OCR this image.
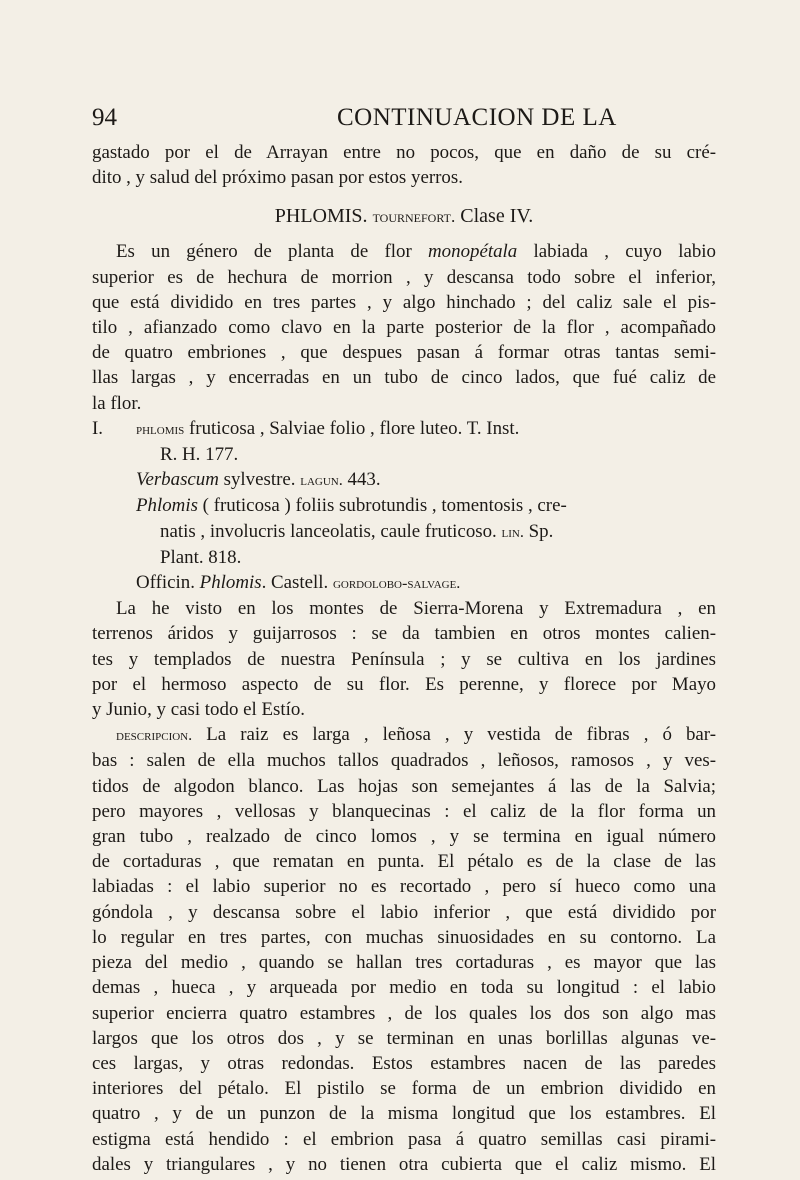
94	CONTINUACION DE LA

gastado por el de Arrayan entre no pocos, que en daño de su cré-
dito , y salud del próximo pasan por estos yerros.

PHLOMIS. tournefort. Clase IV.

Es un género de planta de flor monopétala labiada , cuyo labio
superior es de hechura de morrion , y descansa todo sobre el inferior,
que está dividido en tres partes , y algo hinchado ; del caliz sale el pis-
tilo , afianzado como clavo en la parte posterior de la flor , acompañado
de quatro embriones , que despues pasan á formar otras tantas semi-
llas largas , y encerradas en un tubo de cinco lados, que fué caliz de
la flor.

I. phlomis fruticosa , Salviae folio , flore luteo. T. Inst.
R. H. 177.
Verbascum sylvestre. lagun. 443.
Phlomis ( fruticosa ) foliis subrotundis , tomentosis , cre-
natis , involucris lanceolatis, caule fruticoso. lin. Sp.
Plant. 818.
Officin. Phlomis. Castell. gordolobo-salvage.

La he visto en los montes de Sierra-Morena y Extremadura , en
terrenos áridos y guijarrosos : se da tambien en otros montes calien-
tes y templados de nuestra Península ; y se cultiva en los jardines
por el hermoso aspecto de su flor. Es perenne, y florece por Mayo
y Junio, y casi todo el Estío.

descripcion. La raiz es larga , leñosa , y vestida de fibras , ó bar-
bas : salen de ella muchos tallos quadrados , leñosos, ramosos , y ves-
tidos de algodon blanco. Las hojas son semejantes á las de la Salvia;
pero mayores , vellosas y blanquecinas : el caliz de la flor forma un
gran tubo , realzado de cinco lomos , y se termina en igual número
de cortaduras , que rematan en punta. El pétalo es de la clase de las
labiadas : el labio superior no es recortado , pero sí hueco como una
góndola , y descansa sobre el labio inferior , que está dividido por
lo regular en tres partes, con muchas sinuosidades en su contorno. La
pieza del medio , quando se hallan tres cortaduras , es mayor que las
demas , hueca , y arqueada por medio en toda su longitud : el labio
superior encierra quatro estambres , de los quales los dos son algo mas
largos que los otros dos , y se terminan en unas borlillas algunas ve-
ces largas, y otras redondas. Estos estambres nacen de las paredes
interiores del pétalo. El pistilo se forma de un embrion dividido en
quatro , y de un punzon de la misma longitud que los estambres. El
estigma está hendido : el embrion pasa á quatro semillas casi pirami-
dales y triangulares , y no tienen otra cubierta que el caliz mismo. El
